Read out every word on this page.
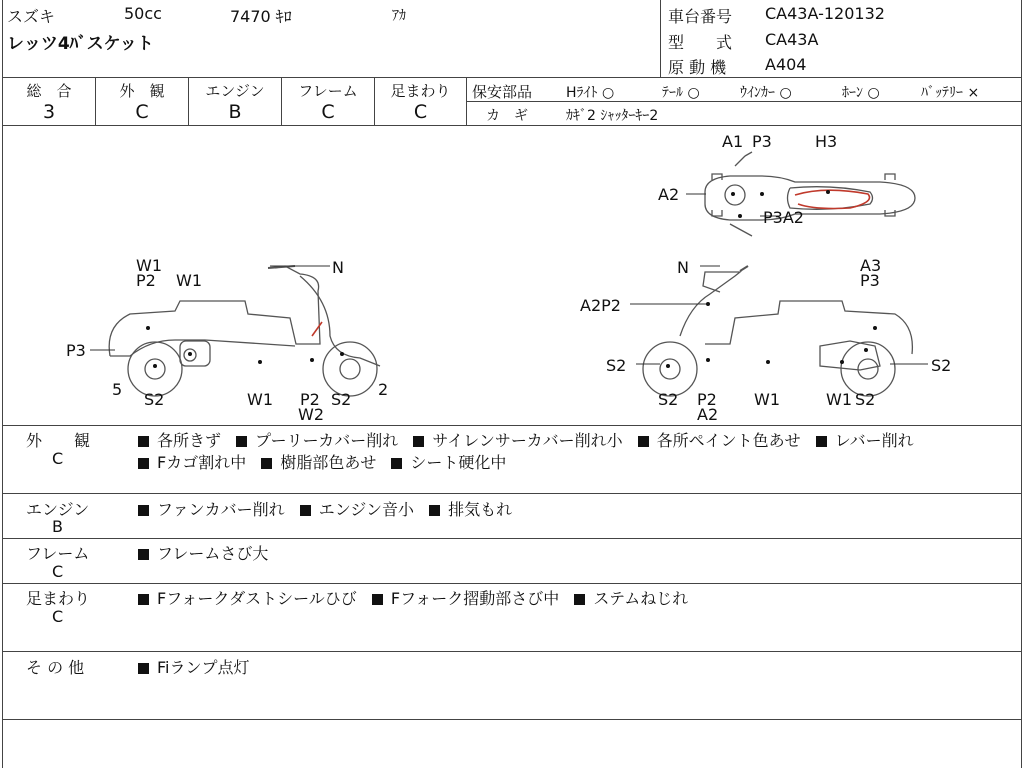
スズキ	50cc	7470 ｷﾛ	ｱｶ
レッツ4ﾊﾞスケット
車台番号 CA43A-120132
型　　式 CA43A
原 動 機 A404
総　合
3
外　観
C
エンジン
B
フレーム
C
足まわり
C
保安部品 Hﾗｲﾄ ○	ﾃｰﾙ ○	ｳｲﾝｶｰ ○	ﾎｰﾝ ○	ﾊﾞｯﾃﾘｰ ×
カ　ギ	ｶｷﾞ2 ｼｬｯﾀｰｷｰ2
A1 P3	H3
A2
P3A2
W1
P2 W1
N
P3
5
S2	W1 P2
W2
S2
2
N	A3
P3
A2P2
S2
S2 P2
A2
W1	W1 S2
S2
外　　観
C
各所きず プーリーカバー削れ サイレンサーカバー削れ小 各所ペイント色あせ レバー削れ
Fカゴ割れ中 樹脂部色あせ シート硬化中
エンジン
B
ファンカバー削れ エンジン音小 排気もれ
フレーム
C
フレームさび大
足まわり
C
Fフォークダストシールひび Fフォーク摺動部さび中 ステムねじれ
そ の 他	Fiランプ点灯
